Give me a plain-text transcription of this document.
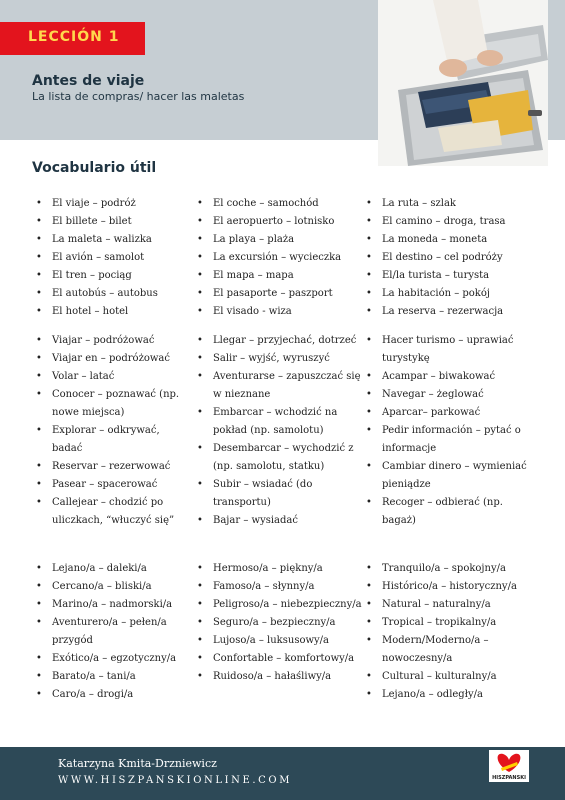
LECCIÓN 1
Antes de viaje
La lista de compras/ hacer las maletas
Vocabulario útil
• El viaje – podróż
• El billete – bilet
• La maleta – walizka
• El avión – samolot
• El tren – pociąg
• El autobús – autobus
• El hotel – hotel
• El coche – samochód
• El aeropuerto – lotnisko
• La playa – plaża
• La excursión – wycieczka
• El mapa – mapa
• El pasaporte – paszport
• El visado - wiza
• La ruta – szlak
• El camino – droga, trasa
• La moneda – moneta
• El destino – cel podróży
• El/la turista – turysta
• La habitación – pokój
• La reserva – rezerwacja
• Viajar – podróżować
• Viajar en – podróżować
• Volar – latać
• Conocer – poznawać (np. nowe miejsca)
• Explorar – odkrywać, badać
• Reservar – rezerwować
• Pasear – spacerować
• Callejear – chodzić po uliczkach, “włuczyć się”
• Llegar – przyjechać, dotrzeć
• Salir – wyjść, wyruszyć
• Aventurarse – zapuszczać się w nieznane
• Embarcar – wchodzić na pokład (np. samolotu)
• Desembarcar – wychodzić z (np. samolotu, statku)
• Subir – wsiadać (do transportu)
• Bajar – wysiadać
• Hacer turismo – uprawiać turystykę
• Acampar – biwakować
• Navegar – żeglować
• Aparcar– parkować
• Pedir información – pytać o informacje
• Cambiar dinero – wymieniać pieniądze
• Recoger – odbierać (np. bagaż)
• Lejano/a – daleki/a
• Cercano/a – bliski/a
• Marino/a – nadmorski/a
• Aventurero/a – pełen/a przygód
• Exótico/a – egzotyczny/a
• Barato/a – tani/a
• Caro/a – drogi/a
• Hermoso/a – piękny/a
• Famoso/a – słynny/a
• Peligroso/a – niebezpieczny/a
• Seguro/a – bezpieczny/a
• Lujoso/a – luksusowy/a
• Confortable – komfortowy/a
• Ruidoso/a – hałaśliwy/a
• Tranquilo/a – spokojny/a
• Histórico/a – historyczny/a
• Natural – naturalny/a
• Tropical – tropikalny/a
• Modern/Moderno/a – nowoczesny/a
• Cultural – kulturalny/a
• Lejano/a – odległy/a
Katarzyna Kmita-Drzniewicz
WWW.HISZPANSKIONLINE.COM	HISZPANSKI
